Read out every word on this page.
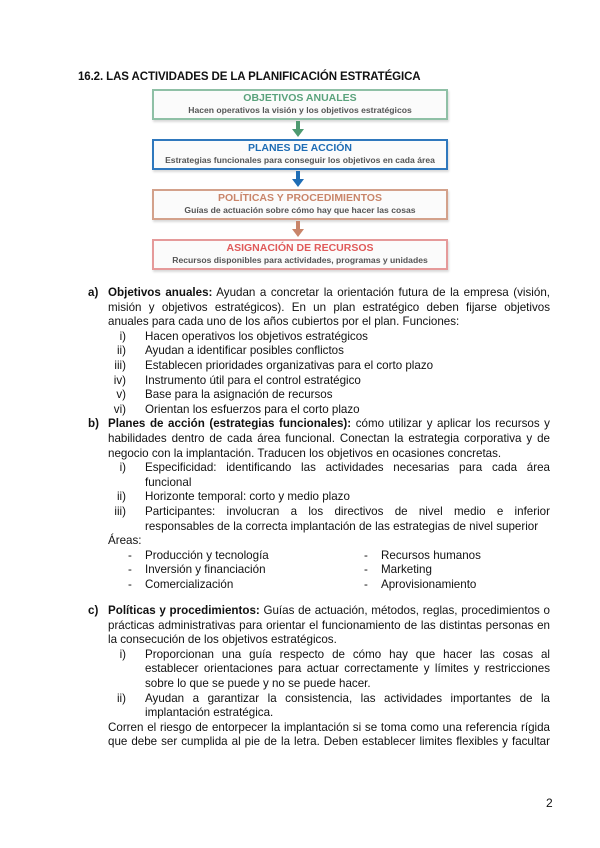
16.2. LAS ACTIVIDADES DE LA PLANIFICACIÓN ESTRATÉGICA
OBJETIVOS ANUALES
Hacen operativos la visión y los objetivos estratégicos
PLANES DE ACCIÓN
Estrategias funcionales para conseguir los objetivos en cada área
POLÍTICAS Y PROCEDIMIENTOS
Guías de actuación sobre cómo hay que hacer las cosas
ASIGNACIÓN DE RECURSOS
Recursos disponibles para actividades, programas y unidades
a) Objetivos anuales: Ayudan a concretar la orientación futura de la empresa (visión,
misión y objetivos estratégicos). En un plan estratégico deben fijarse objetivos
anuales para cada uno de los años cubiertos por el plan. Funciones:
i) Hacen operativos los objetivos estratégicos
ii) Ayudan a identificar posibles conflictos
iii) Establecen prioridades organizativas para el corto plazo
iv) Instrumento útil para el control estratégico
v) Base para la asignación de recursos
vi) Orientan los esfuerzos para el corto plazo
b) Planes de acción (estrategias funcionales): cómo utilizar y aplicar los recursos y
habilidades dentro de cada área funcional. Conectan la estrategia corporativa y de
negocio con la implantación. Traducen los objetivos en ocasiones concretas.
i) Especificidad: identificando las actividades necesarias para cada área
funcional
ii) Horizonte temporal: corto y medio plazo
iii) Participantes: involucran a los directivos de nivel medio e inferior
responsables de la correcta implantación de las estrategias de nivel superior
Áreas:
- Producción y tecnología	- Recursos humanos
- Inversión y financiación	- Marketing
- Comercialización	- Aprovisionamiento
c) Políticas y procedimientos: Guías de actuación, métodos, reglas, procedimientos o
prácticas administrativas para orientar el funcionamiento de las distintas personas en
la consecución de los objetivos estratégicos.
i) Proporcionan una guía respecto de cómo hay que hacer las cosas al
establecer orientaciones para actuar correctamente y límites y restricciones
sobre lo que se puede y no se puede hacer.
ii) Ayudan a garantizar la consistencia, las actividades importantes de la
implantación estratégica.
Corren el riesgo de entorpecer la implantación si se toma como una referencia rígida
que debe ser cumplida al pie de la letra. Deben establecer limites flexibles y facultar
2
